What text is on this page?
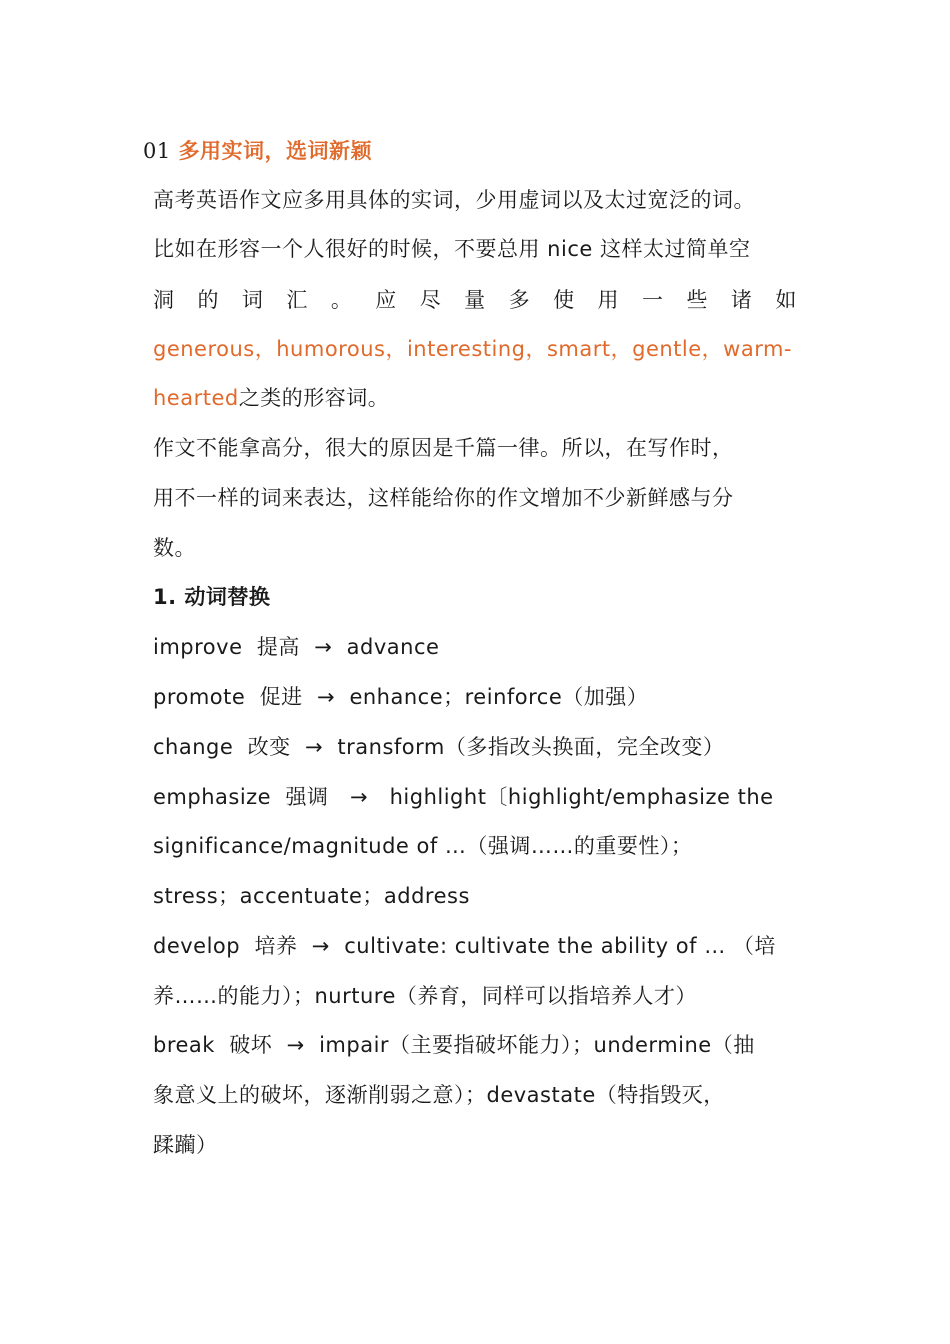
01 多用实词，选词新颖
高考英语作文应多用具体的实词，少用虚词以及太过宽泛的词。
比如在形容一个人很好的时候，不要总用 nice 这样太过简单空
洞 的 词 汇 。 应 尽 量 多 使 用 一 些 诸 如
generous，humorous，interesting，smart，gentle，warm-
hearted之类的形容词。
作文不能拿高分，很大的原因是千篇一律。所以，在写作时，
用不一样的词来表达，这样能给你的作文增加不少新鲜感与分
数。
1. 动词替换
improve  提高  →  advance
promote  促进  →  enhance；reinforce（加强）
change  改变  →  transform（多指改头换面，完全改变）
emphasize  强调   →   highlight〔highlight/emphasize the
significance/magnitude of …（强调……的重要性）；
stress；accentuate；address
develop  培养  →  cultivate: cultivate the ability of … （培
养……的能力）；nurture（养育，同样可以指培养人才）
break  破坏  →  impair（主要指破坏能力）；undermine（抽
象意义上的破坏，逐渐削弱之意）；devastate（特指毁灭，
蹂躏）
